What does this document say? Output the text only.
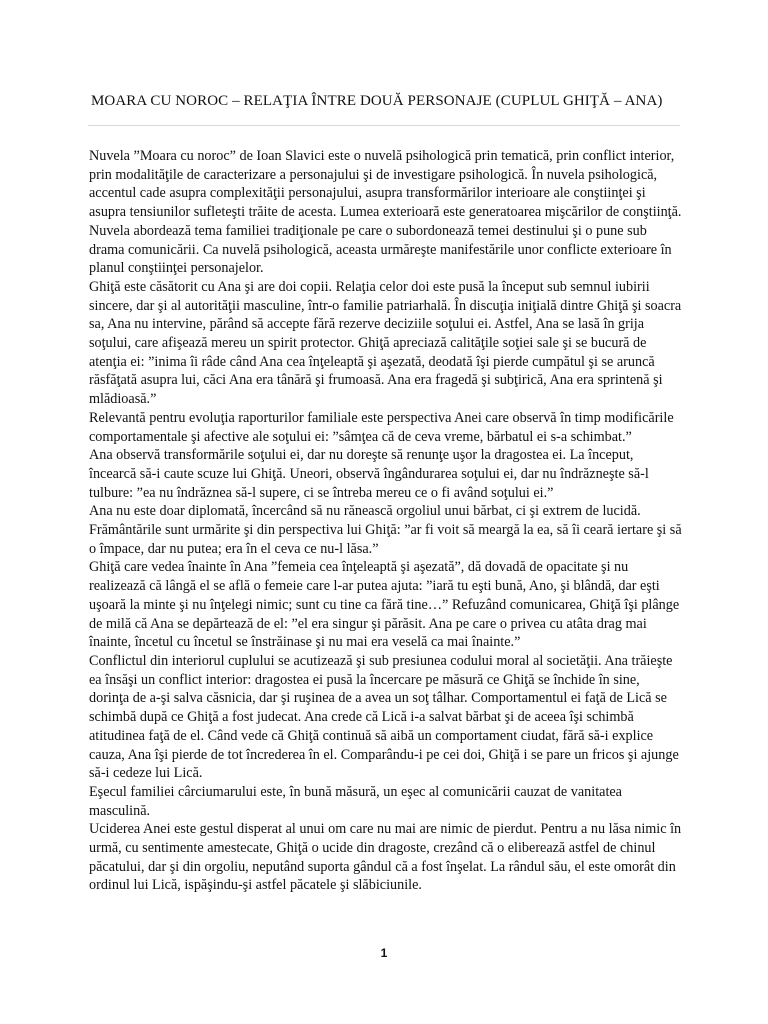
MOARA CU NOROC – RELAŢIA ÎNTRE DOUĂ PERSONAJE (CUPLUL GHIŢĂ – ANA)

Nuvela ”Moara cu noroc” de Ioan Slavici este o nuvelă psihologică prin tematică, prin conflict interior, prin modalităţile de caracterizare a personajului şi de investigare psihologică. În nuvela psihologică, accentul cade asupra complexităţii personajului, asupra transformărilor interioare ale conştiinţei şi asupra tensiunilor sufleteşti trăite de acesta. Lumea exterioară este generatoarea mişcărilor de conştiinţă.

Nuvela abordează tema familiei tradiţionale pe care o subordonează temei destinului şi o pune sub drama comunicării. Ca nuvelă psihologică, aceasta urmăreşte manifestările unor conflicte exterioare în planul conştiinţei personajelor.

Ghiţă este căsătorit cu Ana şi are doi copii. Relaţia celor doi este pusă la început sub semnul iubirii sincere, dar şi al autorităţii masculine, într-o familie patriarhală. În discuţia iniţială dintre Ghiţă şi soacra sa, Ana nu intervine, părând să accepte fără rezerve deciziile soţului ei. Astfel, Ana se lasă în grija soţului, care afişează mereu un spirit protector. Ghiţă apreciază calităţile soţiei sale şi se bucură de atenţia ei: ”inima îi râde când Ana cea înţeleaptă şi aşezată, deodată îşi pierde cumpătul şi se aruncă răsfăţată asupra lui, căci Ana era tânără şi frumoasă. Ana era fragedă şi subţirică, Ana era sprintenă şi mlădioasă.”

Relevantă pentru evoluţia raporturilor familiale este perspectiva Anei care observă în timp modificările comportamentale şi afective ale soţului ei: ”sâmţea că de ceva vreme, bărbatul ei s-a schimbat.”

Ana observă transformările soţului ei, dar nu doreşte să renunţe uşor la dragostea ei. La început, încearcă să-i caute scuze lui Ghiţă. Uneori, observă îngândurarea soţului ei, dar nu îndrăzneşte să-l tulbure: ”ea nu îndrăznea să-l supere, ci se întreba mereu ce o fi având soţului ei.”

Ana nu este doar diplomată, încercând să nu rănească orgoliul unui bărbat, ci şi extrem de lucidă. Frământările sunt urmărite şi din perspectiva lui Ghiţă: ”ar fi voit să meargă la ea, să îi ceară iertare şi să o împace, dar nu putea; era în el ceva ce nu-l lăsa.”

Ghiţă care vedea înainte în Ana ”femeia cea înţeleaptă şi aşezată”, dă dovadă de opacitate şi nu realizează că lângă el se află o femeie care l-ar putea ajuta: ”iară tu eşti bună, Ano, şi blândă, dar eşti uşoară la minte şi nu înţelegi nimic; sunt cu tine ca fără tine…” Refuzând comunicarea, Ghiţă îşi plânge de milă că Ana se depărtează de el: ”el era singur şi părăsit. Ana pe care o privea cu atâta drag mai înainte, încetul cu încetul se înstrăinase şi nu mai era veselă ca mai înainte.”

Conflictul din interiorul cuplului se acutizează şi sub presiunea codului moral al societăţii. Ana trăieşte ea însăşi un conflict interior: dragostea ei pusă la încercare pe măsură ce Ghiţă se închide în sine, dorinţa de a-şi salva căsnicia, dar şi ruşinea de a avea un soţ tâlhar. Comportamentul ei faţă de Lică se schimbă după ce Ghiţă a fost judecat. Ana crede că Lică i-a salvat bărbat şi de aceea îşi schimbă atitudinea faţă de el. Când vede că Ghiţă continuă să aibă un comportament ciudat, fără să-i explice cauza, Ana îşi pierde de tot încrederea în el. Comparându-i pe cei doi, Ghiţă i se pare un fricos şi ajunge să-i cedeze lui Lică.

Eşecul familiei cârciumarului este, în bună măsură, un eşec al comunicării cauzat de vanitatea masculină.

Uciderea Anei este gestul disperat al unui om care nu mai are nimic de pierdut. Pentru a nu lăsa nimic în urmă, cu sentimente amestecate, Ghiţă o ucide din dragoste, crezând că o eliberează astfel de chinul păcatului, dar şi din orgoliu, neputând suporta gândul că a fost înşelat. La rândul său, el este omorât din ordinul lui Lică, ispăşindu-şi astfel păcatele şi slăbiciunile.

1
